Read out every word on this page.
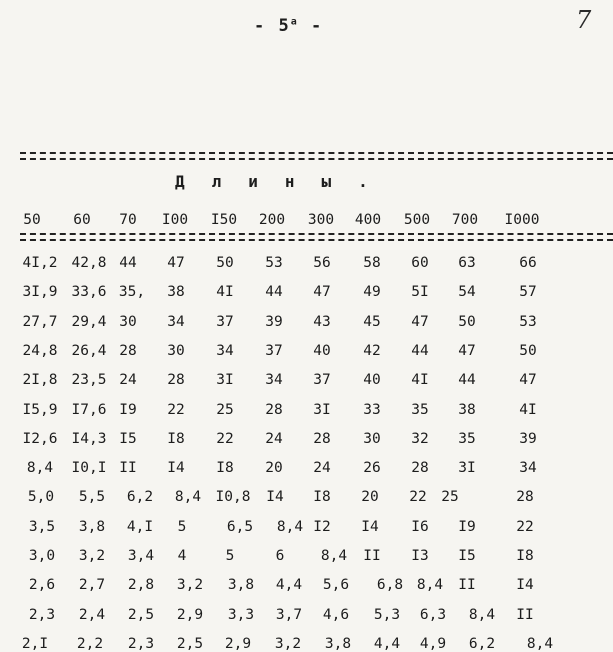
- $5^а$ -	7
Длины.
50 60 70 I00 I50 200 300 400 500 700 I000
4I,2 42,8 44 47 50 53 56 58 60 63	66
3I,9 33,6 35, 38 4I 44 47 49 5I 54	57
27,7 29,4 30 34 37 39 43 45 47 50	53
24,8 26,4 28 30 34 37 40 42 44 47	50
2I,8 23,5 24 28 3I 34 37 40 4I 44	47
I5,9 I7,6 I9 22 25 28 3I 33 35 38	4I
I2,6 I4,3 I5 I8 22 24 28 30 32 35	39
8,4 I0,I II I4 I8 20 24 26 28 3I	34
5,0 5,5 6,2 8,4 I0,8 I4 I8 20 22 25	28
3,5 3,8 4,I 5	6,5 8,4 I2 I4 I6 I9	22
3,0 3,2 3,4 4	5	6	8,4 II I3 I5	I8
2,6 2,7 2,8 3,2 3,8 4,4 5,6 6,8 8,4 II	I4
2,3 2,4 2,5 2,9 3,3 3,7 4,6 5,3 6,3 8,4 II
2,I 2,2 2,3 2,5 2,9 3,2 3,8 4,4 4,9 6,2 8,4
